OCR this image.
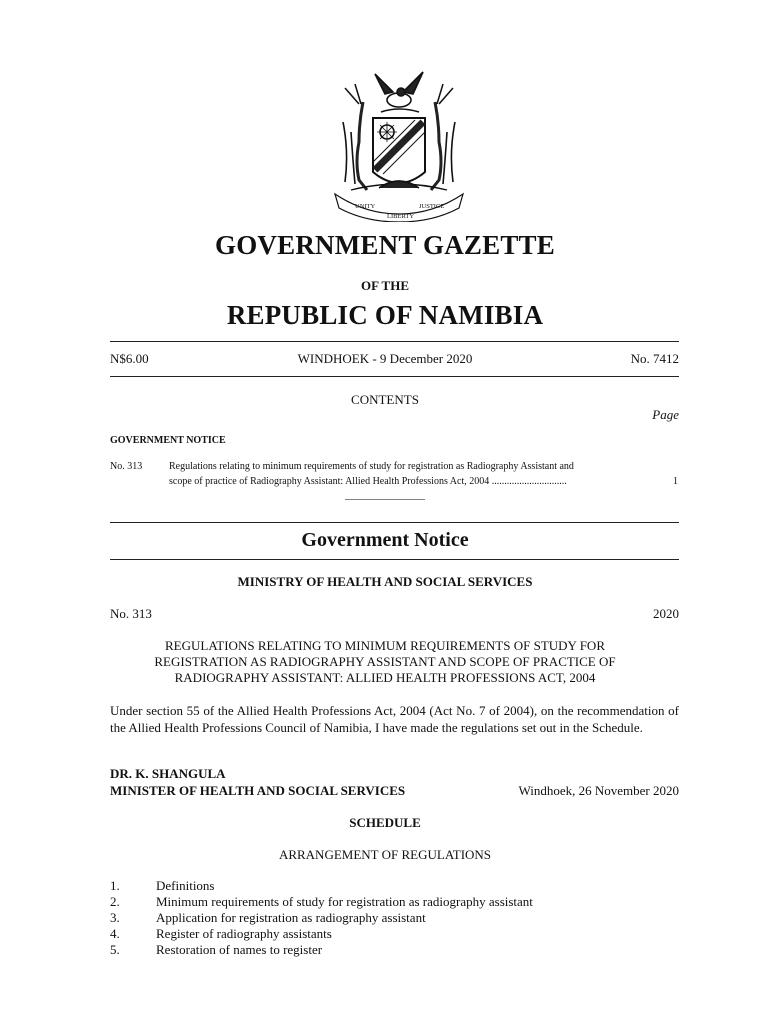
UNITY
LIBERTY
JUSTICE
GOVERNMENT GAZETTE
OF THE
REPUBLIC OF NAMIBIA
N$6.00	WINDHOEK - 9 December 2020	No. 7412
CONTENTS
Page
GOVERNMENT NOTICE
No. 313	Regulations relating to minimum requirements of study for registration as Radiography Assistant and
scope of practice of Radiography Assistant: Allied Health Professions Act, 2004 ..............................	1
________________
Government Notice
MINISTRY OF HEALTH AND SOCIAL SERVICES
No. 313	2020
REGULATIONS RELATING TO MINIMUM REQUIREMENTS OF STUDY FOR
REGISTRATION AS RADIOGRAPHY ASSISTANT AND SCOPE OF PRACTICE OF
RADIOGRAPHY ASSISTANT: ALLIED HEALTH PROFESSIONS ACT, 2004
Under section 55 of the Allied Health Professions Act, 2004 (Act No. 7 of 2004), on the recommendation of the Allied Health Professions Council of Namibia, I have made the regulations set out in the Schedule.
DR. K. SHANGULA
MINISTER OF HEALTH AND SOCIAL SERVICES	Windhoek, 26 November 2020
SCHEDULE
ARRANGEMENT OF REGULATIONS
1.	Definitions
2.	Minimum requirements of study for registration as radiography assistant
3.	Application for registration as radiography assistant
4.	Register of radiography assistants
5.	Restoration of names to register
